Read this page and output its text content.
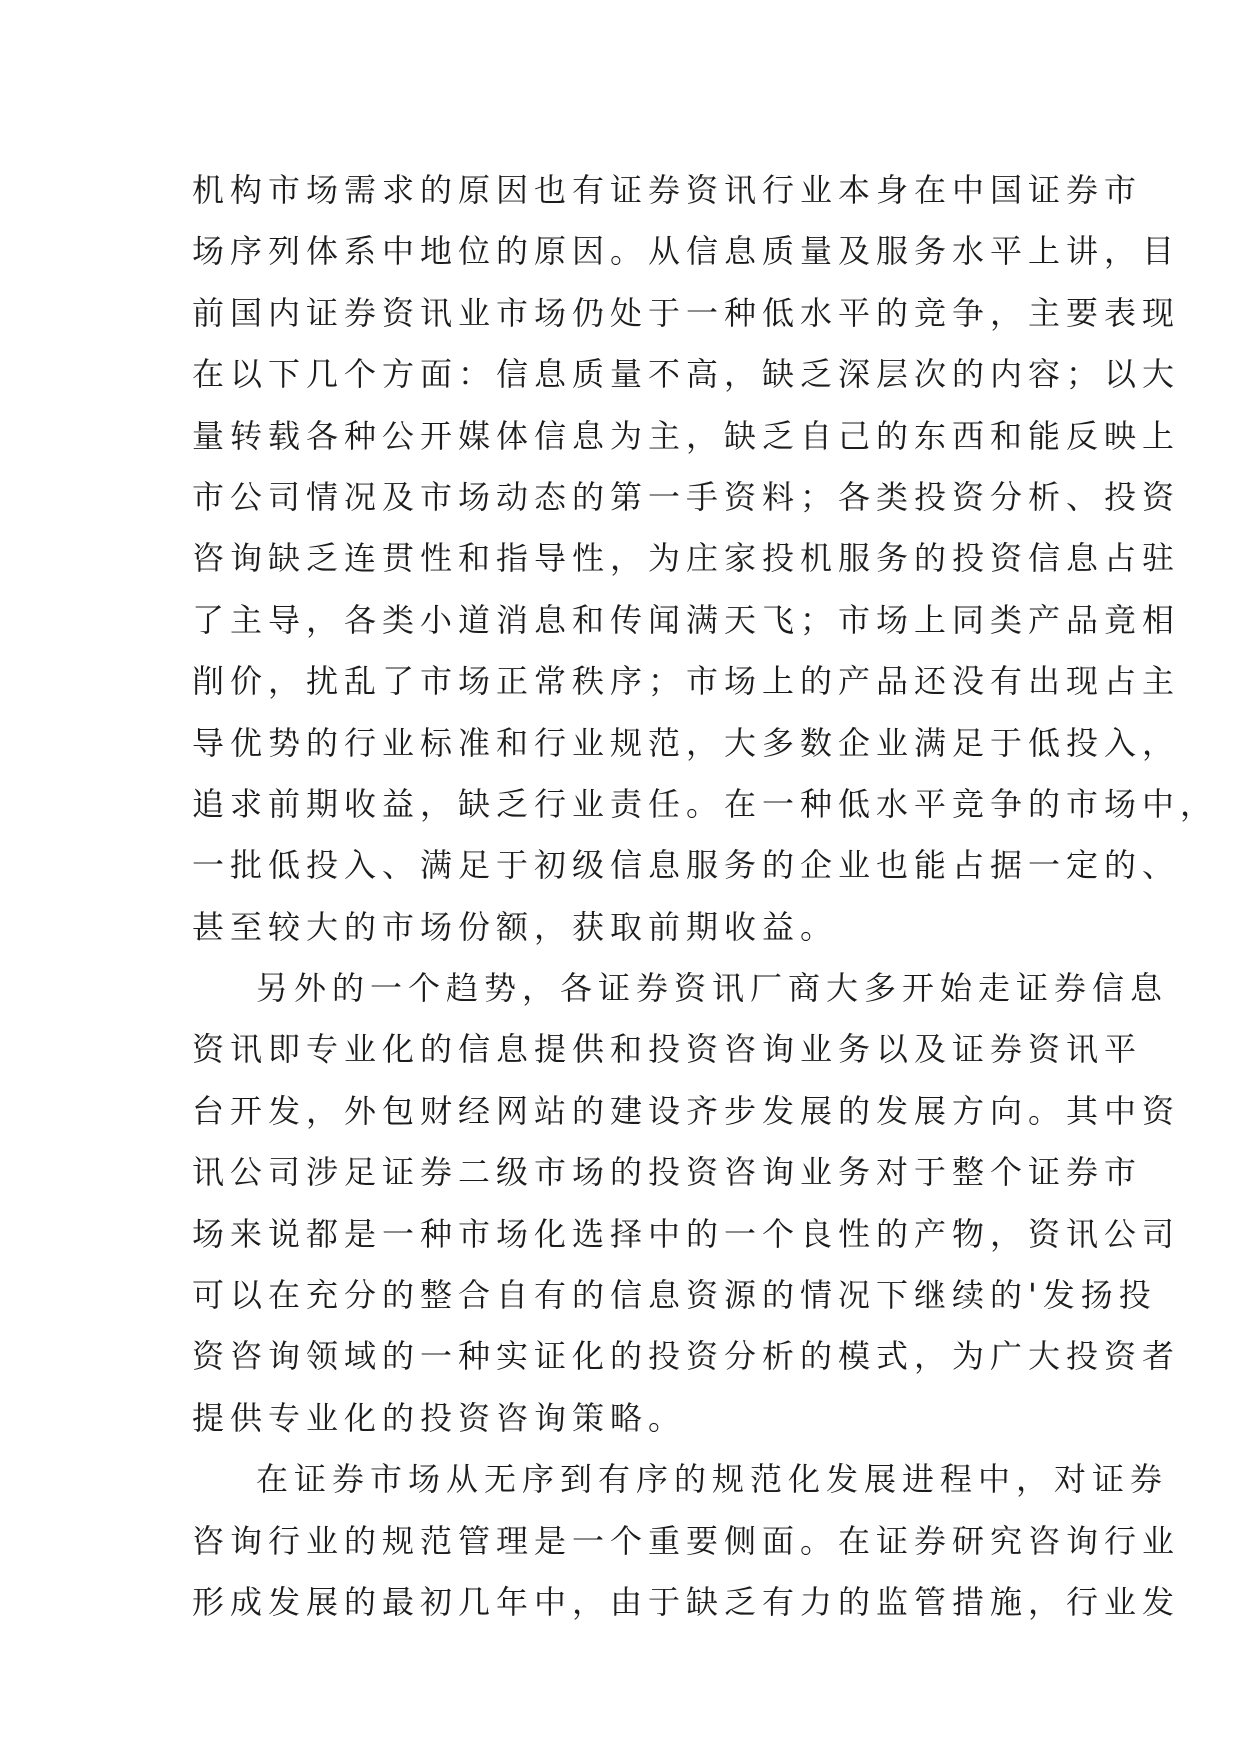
机构市场需求的原因也有证券资讯行业本身在中国证券市
场序列体系中地位的原因。从信息质量及服务水平上讲，目
前国内证券资讯业市场仍处于一种低水平的竞争，主要表现
在以下几个方面：信息质量不高，缺乏深层次的内容；以大
量转载各种公开媒体信息为主，缺乏自己的东西和能反映上
市公司情况及市场动态的第一手资料；各类投资分析、投资
咨询缺乏连贯性和指导性，为庄家投机服务的投资信息占驻
了主导，各类小道消息和传闻满天飞；市场上同类产品竟相
削价，扰乱了市场正常秩序；市场上的产品还没有出现占主
导优势的行业标准和行业规范，大多数企业满足于低投入，
追求前期收益，缺乏行业责任。在一种低水平竞争的市场中，
一批低投入、满足于初级信息服务的企业也能占据一定的、
甚至较大的市场份额，获取前期收益。
另外的一个趋势，各证券资讯厂商大多开始走证券信息
资讯即专业化的信息提供和投资咨询业务以及证券资讯平
台开发，外包财经网站的建设齐步发展的发展方向。其中资
讯公司涉足证券二级市场的投资咨询业务对于整个证券市
场来说都是一种市场化选择中的一个良性的产物，资讯公司
可以在充分的整合自有的信息资源的情况下继续的'发扬投
资咨询领域的一种实证化的投资分析的模式，为广大投资者
提供专业化的投资咨询策略。
在证券市场从无序到有序的规范化发展进程中，对证券
咨询行业的规范管理是一个重要侧面。在证券研究咨询行业
形成发展的最初几年中，由于缺乏有力的监管措施，行业发
